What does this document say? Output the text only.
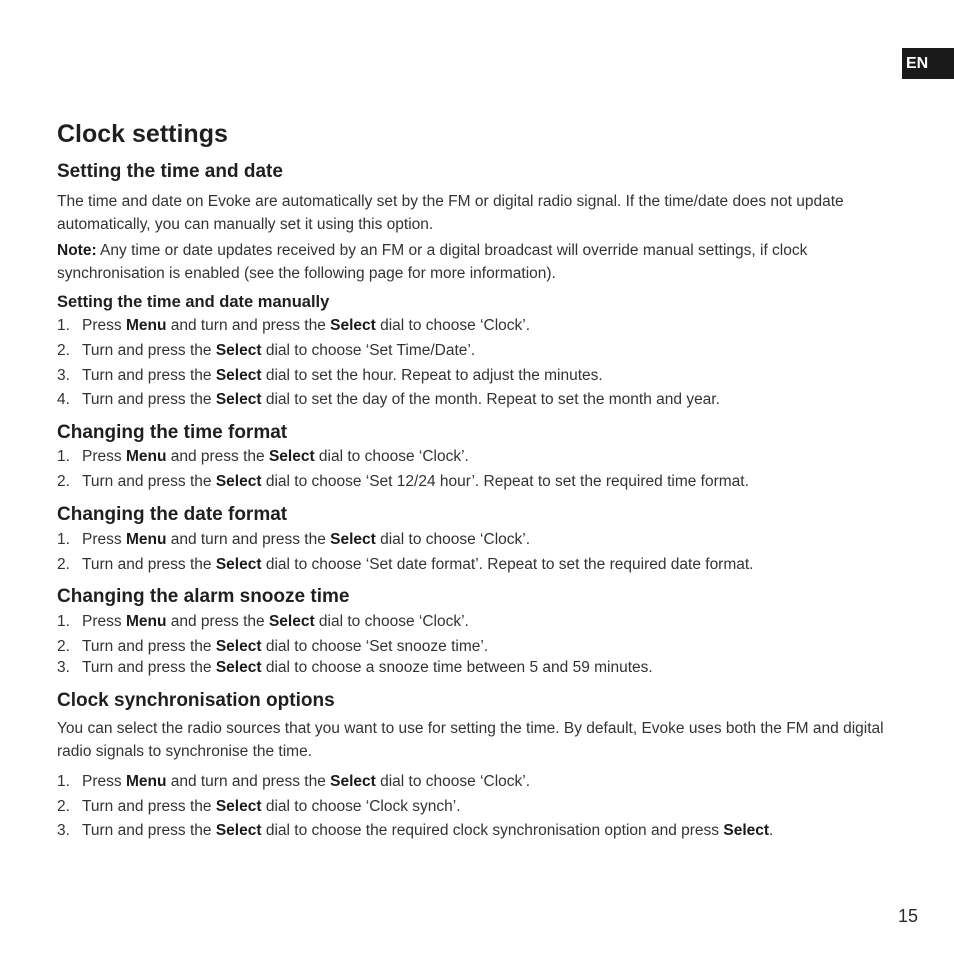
EN
Clock settings
Setting the time and date

The time and date on Evoke are automatically set by the FM or digital radio signal. If the time/date does not update automatically, you can manually set it using this option.

Note: Any time or date updates received by an FM or a digital broadcast will override manual settings, if clock synchronisation is enabled (see the following page for more information).

Setting the time and date manually
1. Press Menu and turn and press the Select dial to choose ‘Clock’.
2. Turn and press the Select dial to choose ‘Set Time/Date’.
3. Turn and press the Select dial to set the hour. Repeat to adjust the minutes.
4. Turn and press the Select dial to set the day of the month. Repeat to set the month and year.
Changing the time format
1. Press Menu and press the Select dial to choose ‘Clock’.
2. Turn and press the Select dial to choose ‘Set 12/24 hour’. Repeat to set the required time format.
Changing the date format
1. Press Menu and turn and press the Select dial to choose ‘Clock’.
2. Turn and press the Select dial to choose ‘Set date format’. Repeat to set the required date format.
Changing the alarm snooze time
1. Press Menu and press the Select dial to choose ‘Clock’.
2. Turn and press the Select dial to choose ‘Set snooze time’.
3. Turn and press the Select dial to choose a snooze time between 5 and 59 minutes.
Clock synchronisation options

You can select the radio sources that you want to use for setting the time. By default, Evoke uses both the FM and digital radio signals to synchronise the time.

1. Press Menu and turn and press the Select dial to choose ‘Clock’.
2. Turn and press the Select dial to choose ‘Clock synch’.
3. Turn and press the Select dial to choose the required clock synchronisation option and press Select.
15
